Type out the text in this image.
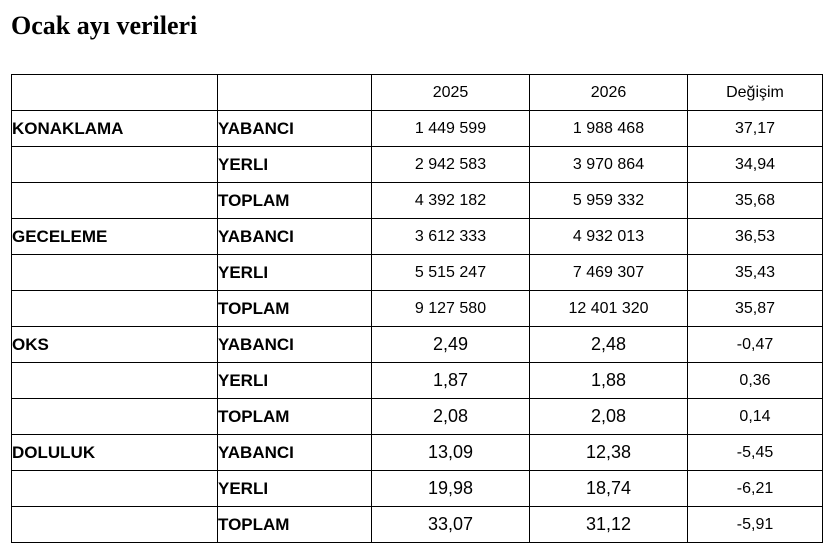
Ocak ayı verileri
		2025	2026	Değişim
KONAKLAMA	YABANCI	1 449 599	1 988 468	37,17
	YERLI	2 942 583	3 970 864	34,94
	TOPLAM	4 392 182	5 959 332	35,68
GECELEME	YABANCI	3 612 333	4 932 013	36,53
	YERLI	5 515 247	7 469 307	35,43
	TOPLAM	9 127 580	12 401 320	35,87
OKS	YABANCI	2,49	2,48	-0,47
	YERLI	1,87	1,88	0,36
	TOPLAM	2,08	2,08	0,14
DOLULUK	YABANCI	13,09	12,38	-5,45
	YERLI	19,98	18,74	-6,21
	TOPLAM	33,07	31,12	-5,91
